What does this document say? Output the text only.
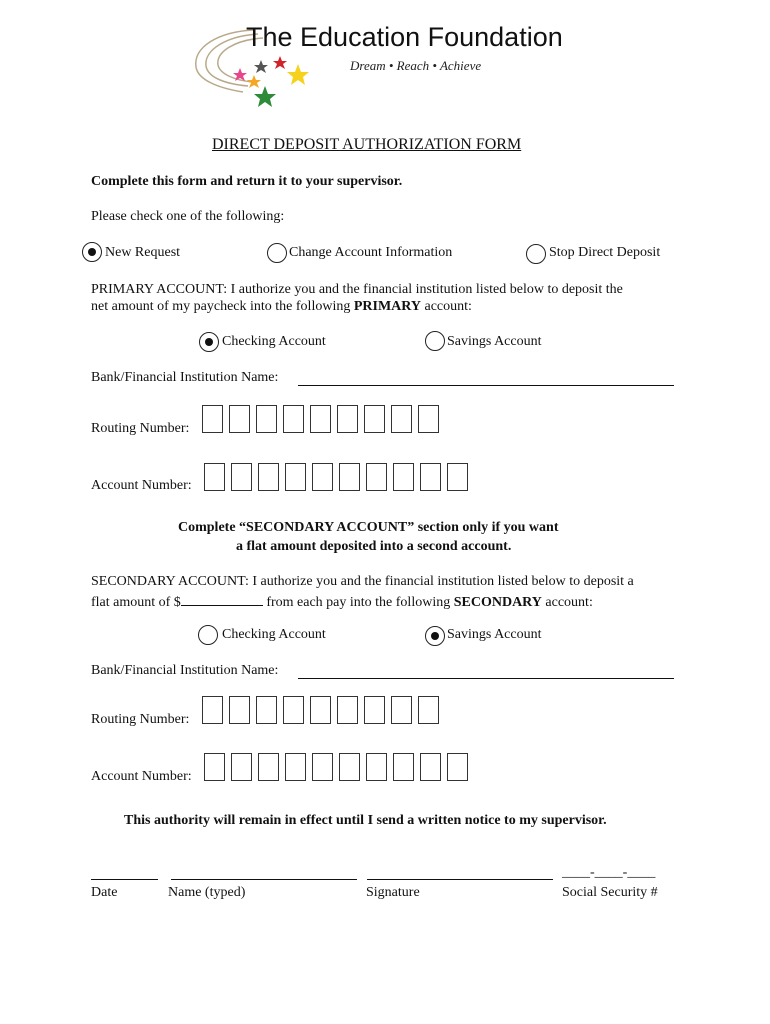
The Education Foundation
Dream • Reach • Achieve
DIRECT DEPOSIT AUTHORIZATION FORM
Complete this form and return it to your supervisor.
Please check one of the following:
New Request	Change Account Information	Stop Direct Deposit
PRIMARY ACCOUNT: I authorize you and the financial institution listed below to deposit the
net amount of my paycheck into the following PRIMARY account:
Checking Account	Savings Account
Bank/Financial Institution Name:
Routing Number:
Account Number:
Complete “SECONDARY ACCOUNT” section only if you want
a flat amount deposited into a second account.
SECONDARY ACCOUNT: I authorize you and the financial institution listed below to deposit a
flat amount of $	from each pay into the following SECONDARY account:
Checking Account	Savings Account
Bank/Financial Institution Name:
Routing Number:
Account Number:
This authority will remain in effect until I send a written notice to my supervisor.
____-____-____
Date	Name (typed)	Signature	Social Security #
